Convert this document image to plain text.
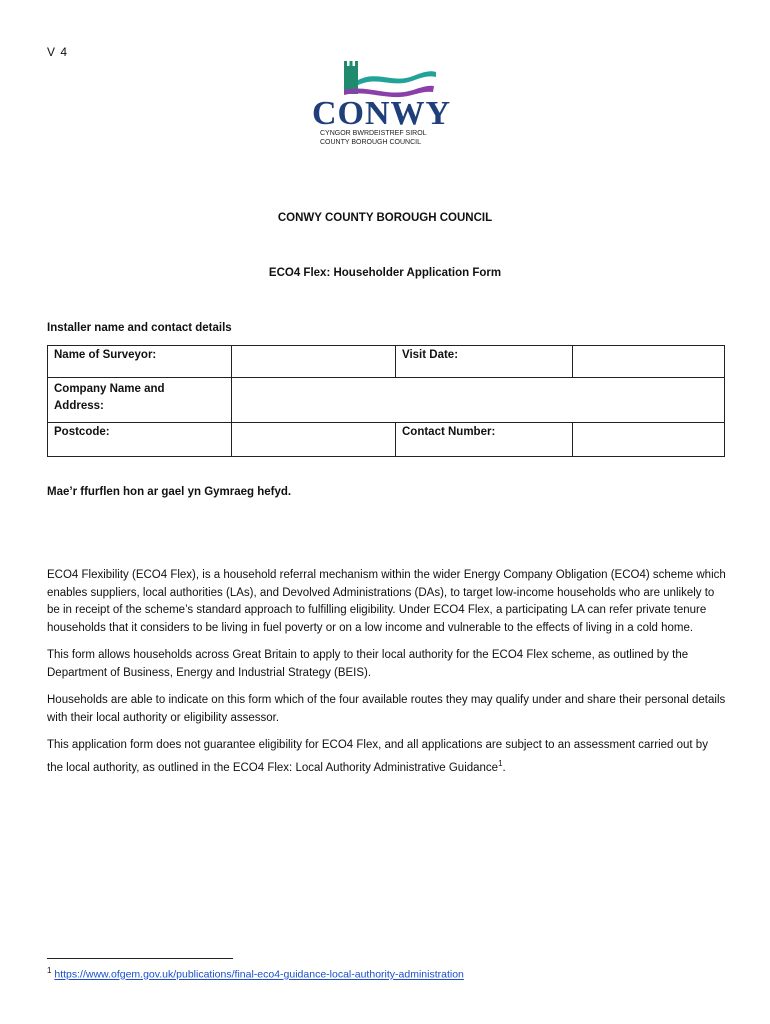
V 4
CONWY
CYNGOR BWRDEISTREF SIROL
COUNTY BOROUGH COUNCIL
CONWY COUNTY BOROUGH COUNCIL
ECO4 Flex: Householder Application Form
Installer name and contact details
Name of Surveyor:		Visit Date:	
Company Name and Address:			
Postcode:		Contact Number:	
Mae’r ffurflen hon ar gael yn Gymraeg hefyd.

ECO4 Flexibility (ECO4 Flex), is a household referral mechanism within the wider Energy Company Obligation (ECO4) scheme which enables suppliers, local authorities (LAs), and Devolved Administrations (DAs), to target low-income households who are unlikely to be in receipt of the scheme’s standard approach to fulfilling eligibility. Under ECO4 Flex, a participating LA can refer private tenure households that it considers to be living in fuel poverty or on a low income and vulnerable to the effects of living in a cold home.

This form allows households across Great Britain to apply to their local authority for the ECO4 Flex scheme, as outlined by the Department of Business, Energy and Industrial Strategy (BEIS).

Households are able to indicate on this form which of the four available routes they may qualify under and share their personal details with their local authority or eligibility assessor.

This application form does not guarantee eligibility for ECO4 Flex, and all applications are subject to an assessment carried out by the local authority, as outlined in the ECO4 Flex: Local Authority Administrative Guidance$^1$.

$^1$ https://www.ofgem.gov.uk/publications/final-eco4-guidance-local-authority-administration
